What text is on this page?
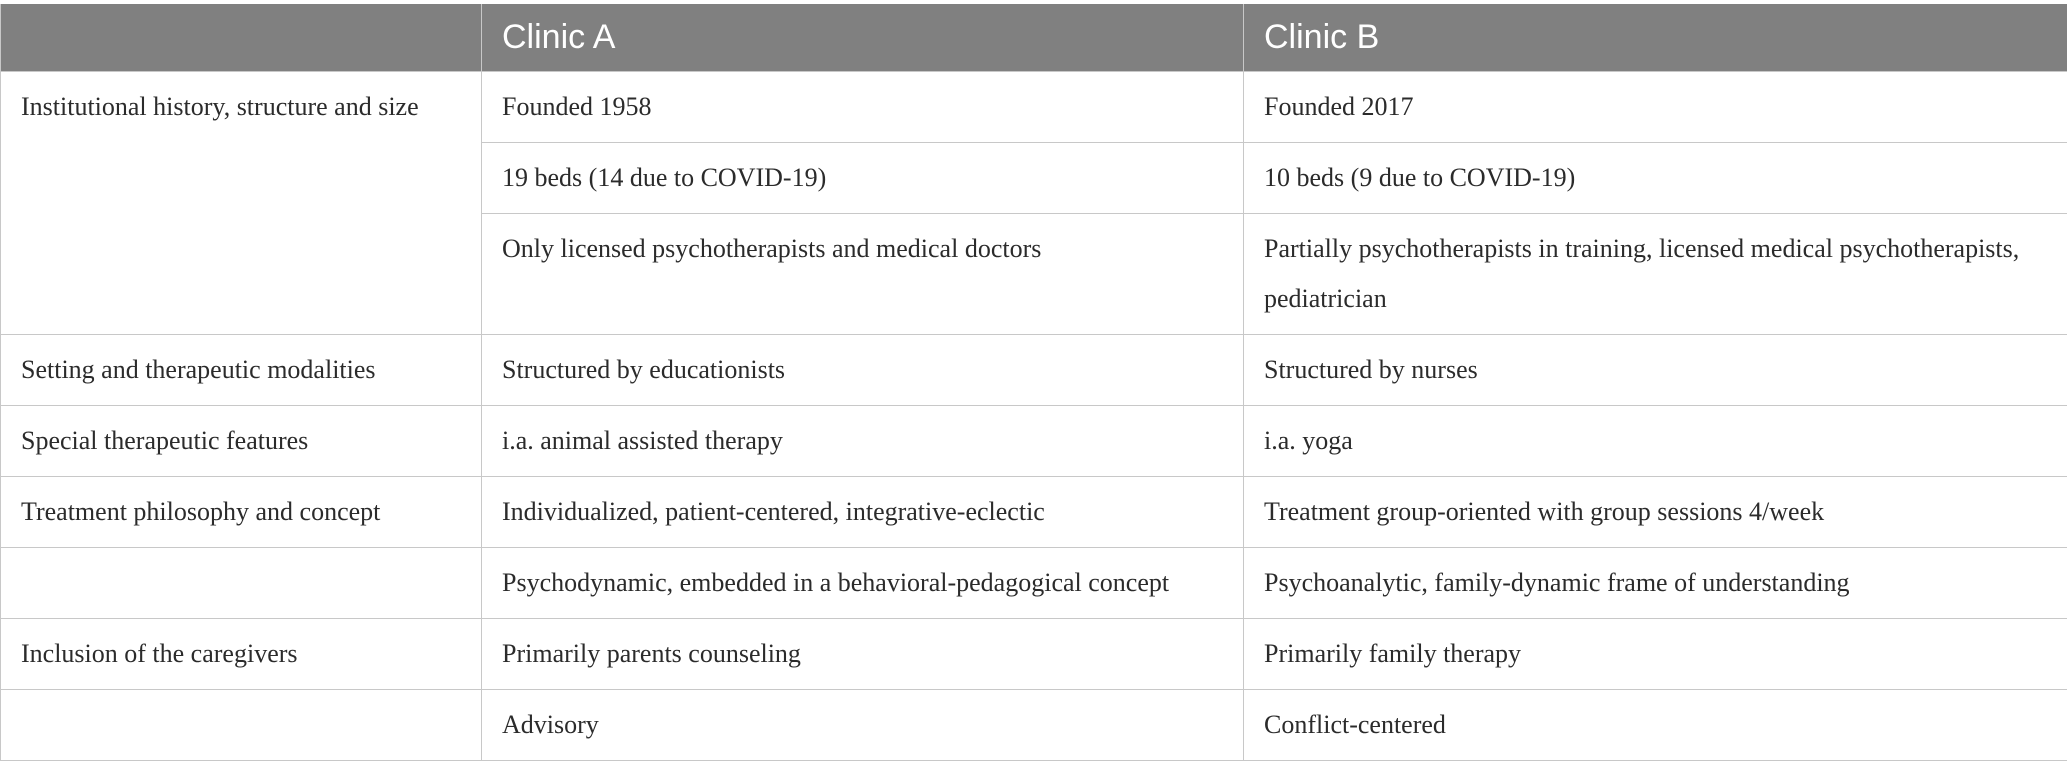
	Clinic A	Clinic B
Institutional history, structure and size	Founded 1958	Founded 2017
	19 beds (14 due to COVID-19)	10 beds (9 due to COVID-19)
	Only licensed psychotherapists and medical doctors	Partially psychotherapists in training, licensed medical psychotherapists, pediatrician
Setting and therapeutic modalities	Structured by educationists	Structured by nurses
Special therapeutic features	i.a. animal assisted therapy	i.a. yoga
Treatment philosophy and concept	Individualized, patient-centered, integrative-eclectic	Treatment group-oriented with group sessions 4/week
	Psychodynamic, embedded in a behavioral-pedagogical concept	Psychoanalytic, family-dynamic frame of understanding
Inclusion of the caregivers	Primarily parents counseling	Primarily family therapy
	Advisory	Conflict-centered
